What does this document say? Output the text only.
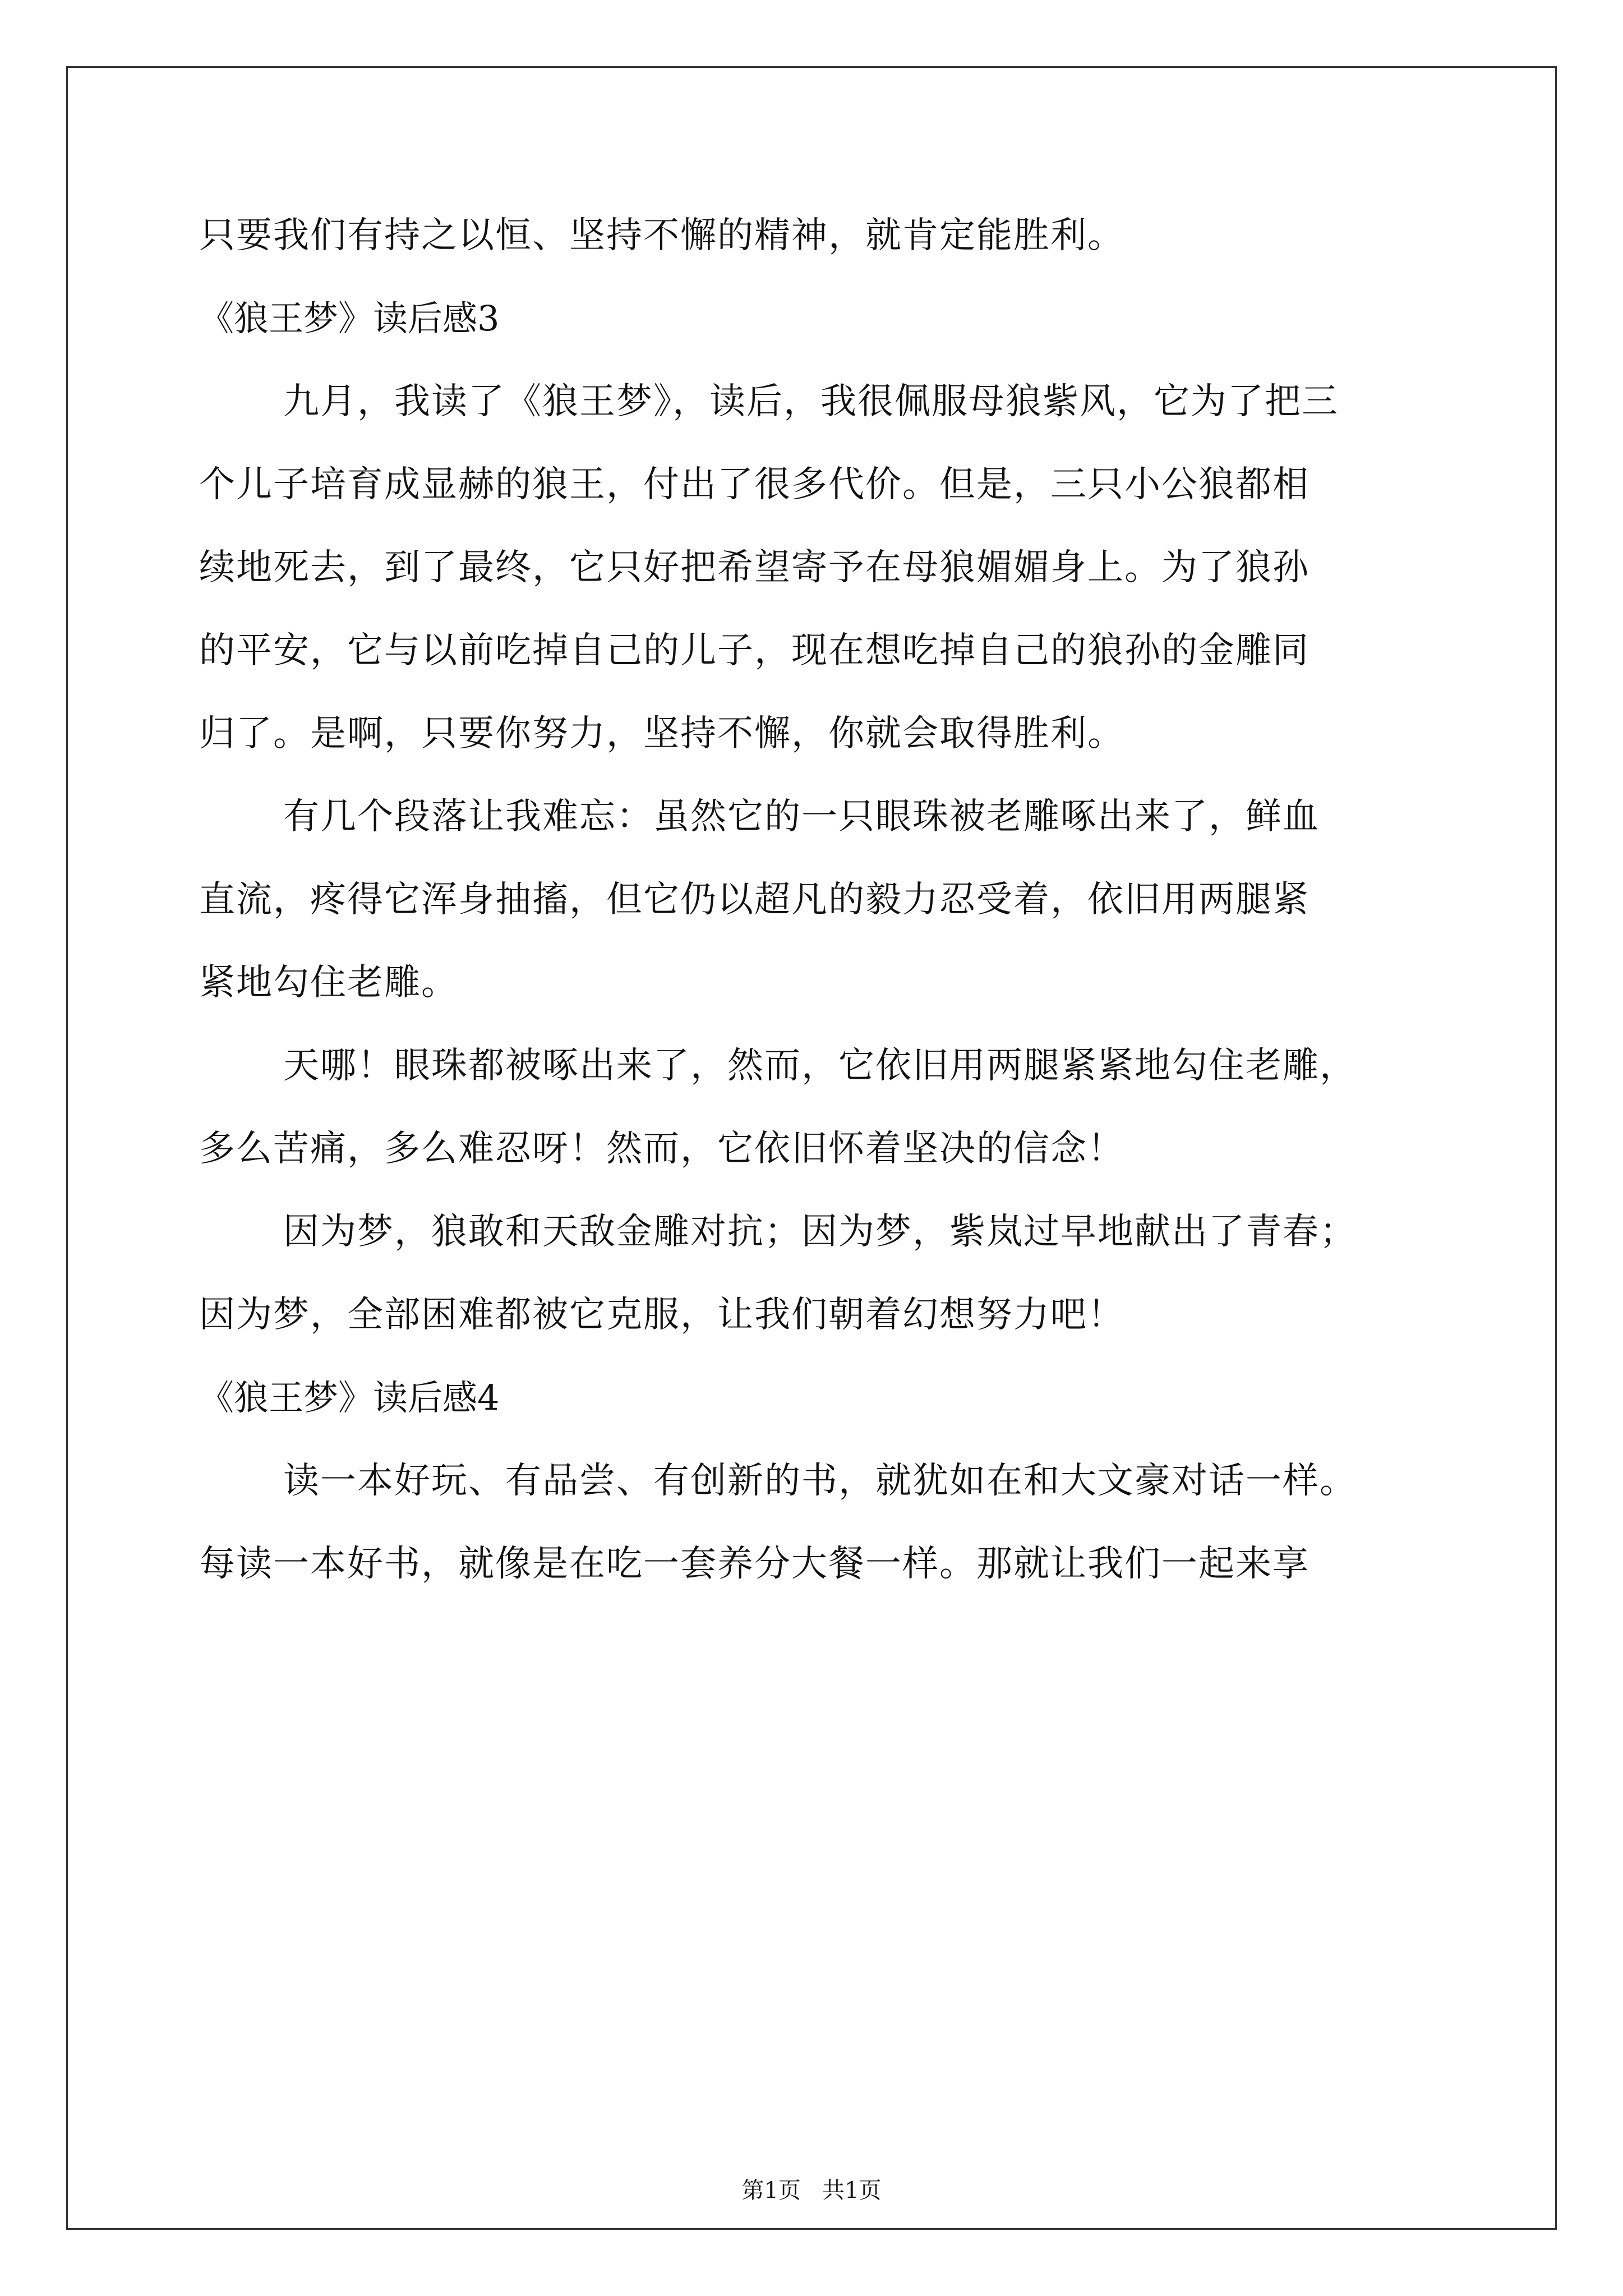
只要我们有持之以恒、坚持不懈的精神，就肯定能胜利。
《狼王梦》读后感3
九月，我读了《狼王梦》，读后，我很佩服母狼紫风，它为了把三
个儿子培育成显赫的狼王，付出了很多代价。但是，三只小公狼都相
续地死去，到了最终，它只好把希望寄予在母狼媚媚身上。为了狼孙
的平安，它与以前吃掉自己的儿子，现在想吃掉自己的狼孙的金雕同
归了。是啊，只要你努力，坚持不懈，你就会取得胜利。
有几个段落让我难忘：虽然它的一只眼珠被老雕啄出来了，鲜血
直流，疼得它浑身抽搐，但它仍以超凡的毅力忍受着，依旧用两腿紧
紧地勾住老雕。
天哪！眼珠都被啄出来了，然而，它依旧用两腿紧紧地勾住老雕，
多么苦痛，多么难忍呀！然而，它依旧怀着坚决的信念！
因为梦，狼敢和天敌金雕对抗；因为梦，紫岚过早地献出了青春；
因为梦，全部困难都被它克服，让我们朝着幻想努力吧！
《狼王梦》读后感4
读一本好玩、有品尝、有创新的书，就犹如在和大文豪对话一样。
每读一本好书，就像是在吃一套养分大餐一样。那就让我们一起来享
第1页   共1页
